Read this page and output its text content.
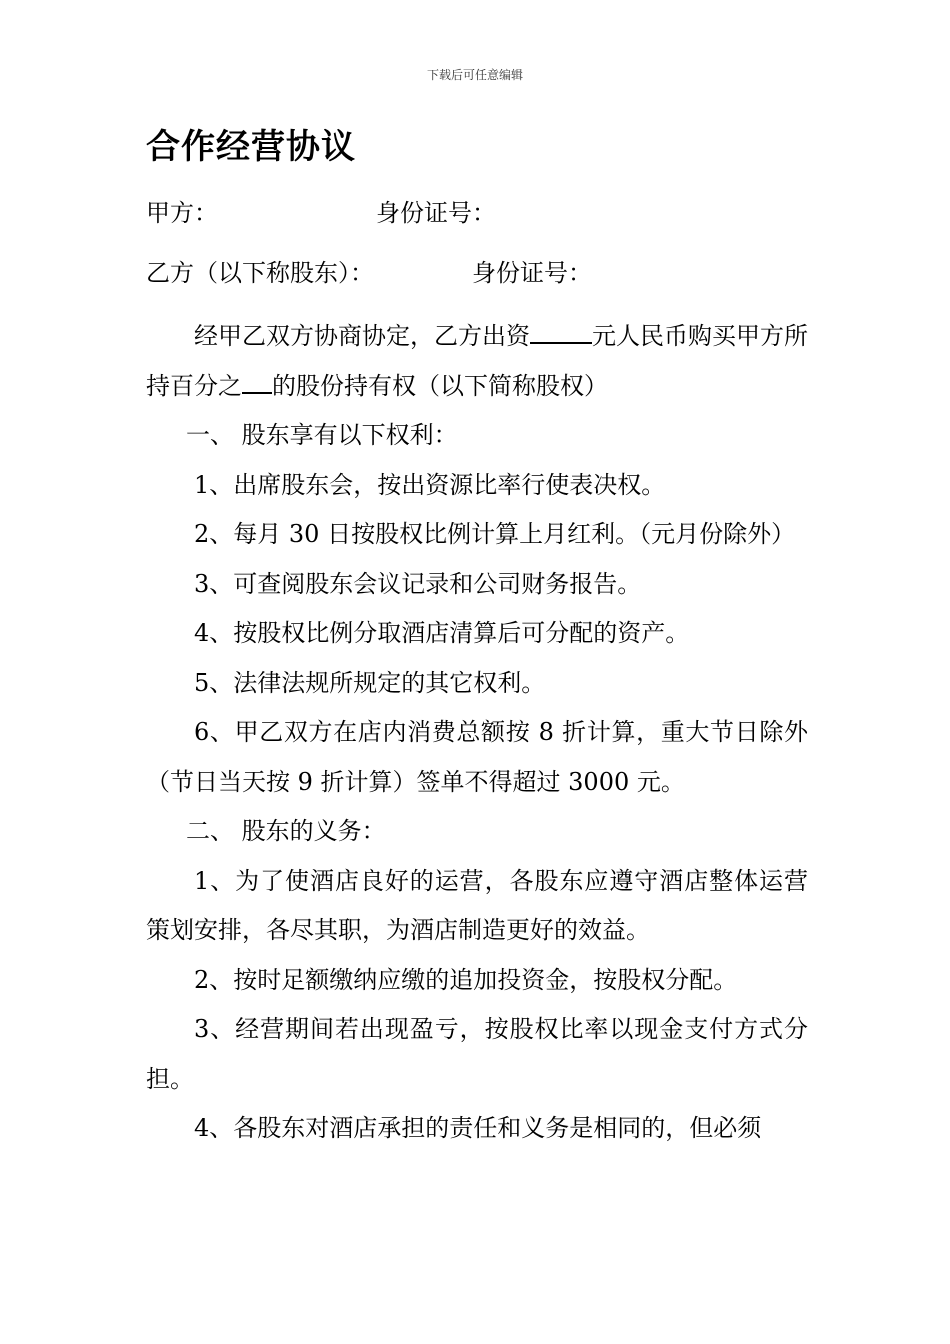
下载后可任意编辑
合作经营协议
甲方：	身份证号：
乙方（以下称股东）：	身份证号：

经甲乙双方协商协定，乙方出资	元人民币购买甲方所持百分之 的股份持有权（以下简称股权）

一、 股东享有以下权利：

1、出席股东会，按出资源比率行使表决权。

2、每月 30 日按股权比例计算上月红利。（元月份除外）

3、可查阅股东会议记录和公司财务报告。

4、按股权比例分取酒店清算后可分配的资产。

5、法律法规所规定的其它权利。

6、甲乙双方在店内消费总额按 8 折计算，重大节日除外（节日当天按 9 折计算）签单不得超过 3000 元。

二、 股东的义务：

1、为了使酒店良好的运营，各股东应遵守酒店整体运营策划安排，各尽其职，为酒店制造更好的效益。

2、按时足额缴纳应缴的追加投资金，按股权分配。

3、经营期间若出现盈亏，按股权比率以现金支付方式分担。

4、各股东对酒店承担的责任和义务是相同的，但必须
